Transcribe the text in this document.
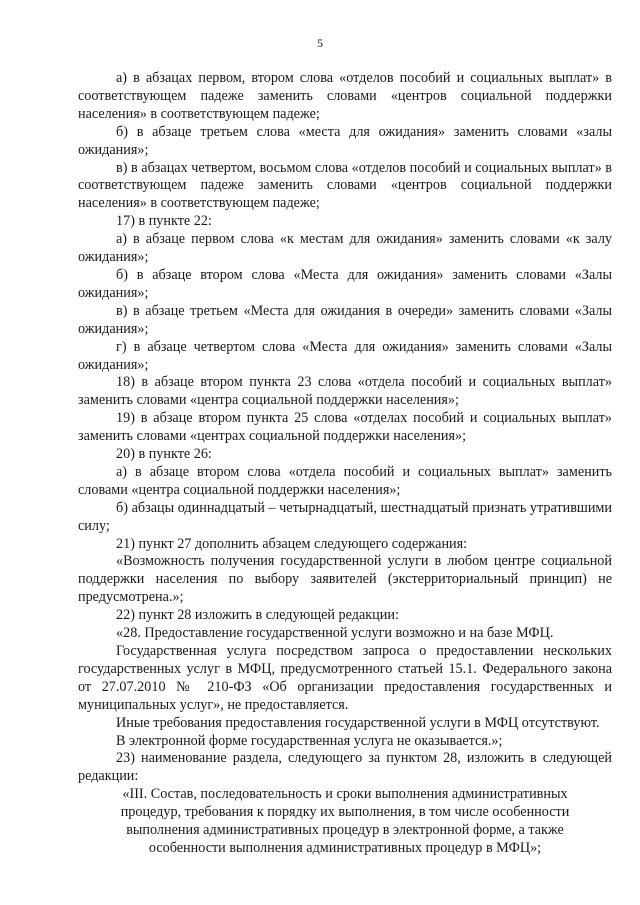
5

а) в абзацах первом, втором слова «отделов пособий и социальных выплат» в соответствующем падеже заменить словами «центров социальной поддержки населения» в соответствующем падеже;

б) в абзаце третьем слова «места для ожидания» заменить словами «залы ожидания»;

в) в абзацах четвертом, восьмом слова «отделов пособий и социальных выплат» в соответствующем падеже заменить словами «центров социальной поддержки населения» в соответствующем падеже;

17) в пункте 22:

а) в абзаце первом слова «к местам для ожидания» заменить словами «к залу ожидания»;

б) в абзаце втором слова «Места для ожидания» заменить словами «Залы ожидания»;

в) в абзаце третьем «Места для ожидания в очереди» заменить словами «Залы ожидания»;

г) в абзаце четвертом слова «Места для ожидания» заменить словами «Залы ожидания»;

18) в абзаце втором пункта 23 слова «отдела пособий и социальных выплат» заменить словами «центра социальной поддержки населения»;

19) в абзаце втором пункта 25 слова «отделах пособий и социальных выплат» заменить словами «центрах социальной поддержки населения»;

20) в пункте 26:

а) в абзаце втором слова «отдела пособий и социальных выплат» заменить словами «центра социальной поддержки населения»;

б) абзацы одиннадцатый – четырнадцатый, шестнадцатый признать утратившими силу;

21) пункт 27 дополнить абзацем следующего содержания:

«Возможность получения государственной услуги в любом центре социальной поддержки населения по выбору заявителей (экстерриториальный принцип) не предусмотрена.»;

22) пункт 28 изложить в следующей редакции:

«28. Предоставление государственной услуги возможно и на базе МФЦ.

Государственная услуга посредством запроса о предоставлении нескольких государственных услуг в МФЦ, предусмотренного статьей 15.1. Федерального закона от 27.07.2010 № 210-ФЗ «Об организации предоставления государственных и муниципальных услуг», не предоставляется.

Иные требования предоставления государственной услуги в МФЦ отсутствуют.

В электронной форме государственная услуга не оказывается.»;

23) наименование раздела, следующего за пунктом 28, изложить в следующей редакции:

«III. Состав, последовательность и сроки выполнения административных процедур, требования к порядку их выполнения, в том числе особенности выполнения административных процедур в электронной форме, а также особенности выполнения административных процедур в МФЦ»;
